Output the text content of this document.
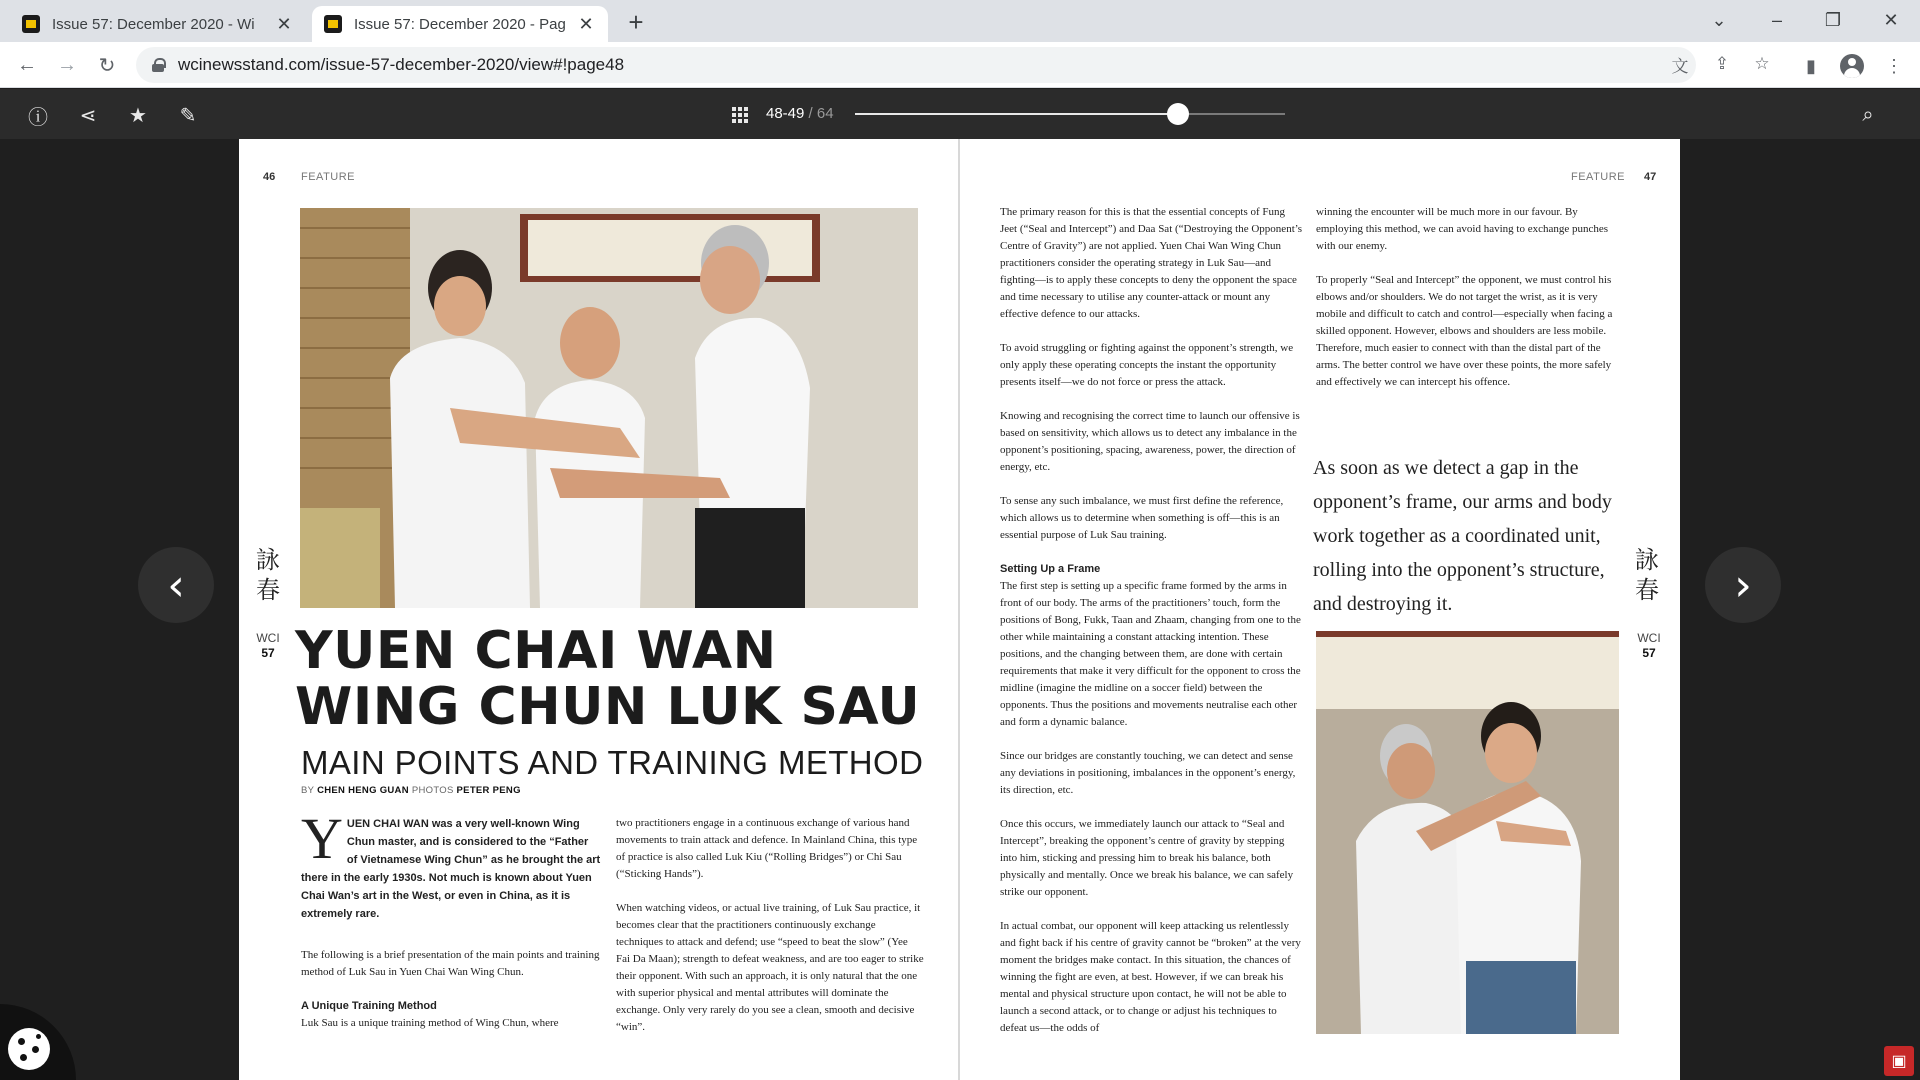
Issue 57: December 2020 - Wi	✕	Issue 57: December 2020 - Pag ✕ +	⌄	–	❐	✕
← →	↻	wcinewsstand.com/issue-57-december-2020/view#!page48	文 ⇪ ☆	▮	⋮
ⓘ ⋖ ★ ✎	48-49 / 64	⌕
‹	›
46 FEATURE
詠春
WCI
57 YUEN CHAI WAN
WING CHUN LUK SAU
MAIN POINTS AND TRAINING METHOD
BY CHEN HENG GUAN PHOTOS PETER PENG

YUEN CHAI WAN was a very well-known Wing Chun master, and is considered to the “Father of Vietnamese Wing Chun” as he brought the art there in the early 1930s. Not much is known about Yuen Chai Wan’s art in the West, or even in China, as it is extremely rare.

The following is a brief presentation of the main points and training method of Luk Sau in Yuen Chai Wan Wing Chun.

A Unique Training Method

Luk Sau is a unique training method of Wing Chun, where

two practitioners engage in a continuous exchange of various hand movements to train attack and defence. In Mainland China, this type of practice is also called Luk Kiu (“Rolling Bridges”) or Chi Sau (“Sticking Hands”).

When watching videos, or actual live training, of Luk Sau practice, it becomes clear that the practitioners continuously exchange techniques to attack and defend; use “speed to beat the slow” (Yee Fai Da Maan); strength to defeat weakness, and are too eager to strike their opponent. With such an approach, it is only natural that the one with superior physical and mental attributes will dominate the exchange. Only very rarely do you see a clean, smooth and decisive “win”.

FEATURE 47
詠春
WCI
57

The primary reason for this is that the essential concepts of Fung Jeet (“Seal and Intercept”) and Daa Sat (“Destroying the Opponent’s Centre of Gravity”) are not applied. Yuen Chai Wan Wing Chun practitioners consider the operating strategy in Luk Sau—and fighting—is to apply these concepts to deny the opponent the space and time necessary to utilise any counter-attack or mount any effective defence to our attacks.

To avoid struggling or fighting against the opponent’s strength, we only apply these operating concepts the instant the opportunity presents itself—we do not force or press the attack.

Knowing and recognising the correct time to launch our offensive is based on sensitivity, which allows us to detect any imbalance in the opponent’s positioning, spacing, awareness, power, the direction of energy, etc.

To sense any such imbalance, we must first define the reference, which allows us to determine when something is off—this is an essential purpose of Luk Sau training.

Setting Up a Frame

The first step is setting up a specific frame formed by the arms in front of our body. The arms of the practitioners’ touch, form the positions of Bong, Fukk, Taan and Zhaam, changing from one to the other while maintaining a constant attacking intention. These positions, and the changing between them, are done with certain requirements that make it very difficult for the opponent to cross the midline (imagine the midline on a soccer field) between the opponents. Thus the positions and movements neutralise each other and form a dynamic balance.

Since our bridges are constantly touching, we can detect and sense any deviations in positioning, imbalances in the opponent’s energy, its direction, etc.

Once this occurs, we immediately launch our attack to “Seal and Intercept”, breaking the opponent’s centre of gravity by stepping into him, sticking and pressing him to break his balance, both physically and mentally. Once we break his balance, we can safely strike our opponent.

In actual combat, our opponent will keep attacking us relentlessly and fight back if his centre of gravity cannot be “broken” at the very moment the bridges make contact. In this situation, the chances of winning the fight are even, at best. However, if we can break his mental and physical structure upon contact, he will not be able to launch a second attack, or to change or adjust his techniques to defeat us—the odds of

winning the encounter will be much more in our favour. By employing this method, we can avoid having to exchange punches with our enemy.

To properly “Seal and Intercept” the opponent, we must control his elbows and/or shoulders. We do not target the wrist, as it is very mobile and difficult to catch and control—especially when facing a skilled opponent. However, elbows and shoulders are less mobile. Therefore, much easier to connect with than the distal part of the arms. The better control we have over these points, the more safely and effectively we can intercept his offence.

As soon as we detect a gap in the opponent’s frame, our arms and body work together as a coordinated unit, rolling into the opponent’s structure, and destroying it.
▣
